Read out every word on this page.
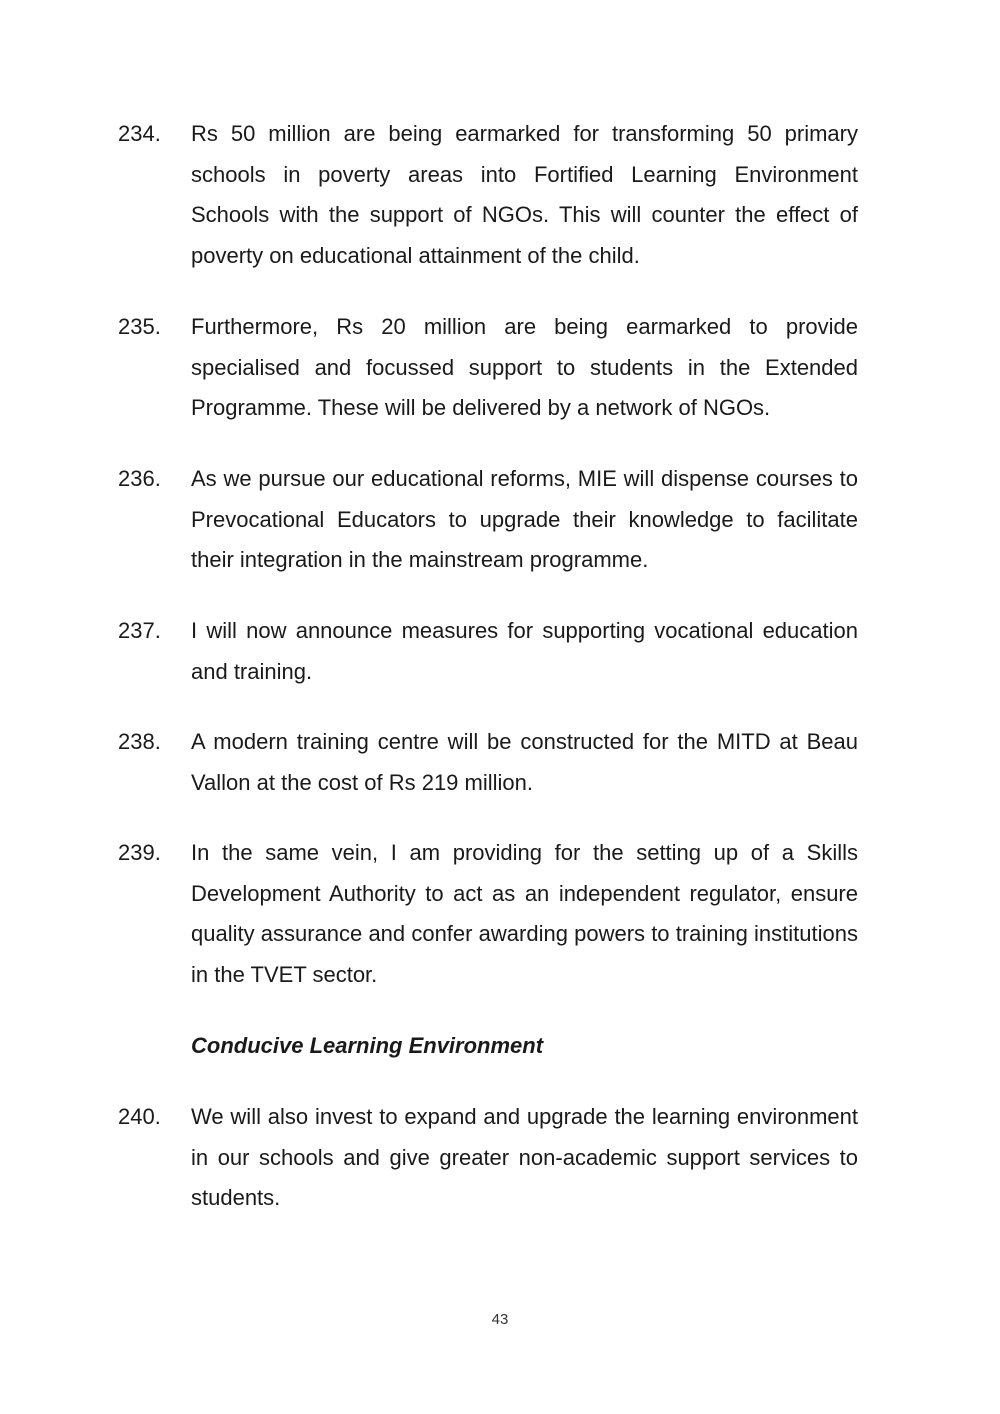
234. Rs 50 million are being earmarked for transforming 50 primary schools in poverty areas into Fortified Learning Environment Schools with the support of NGOs. This will counter the effect of poverty on educational attainment of the child.
235. Furthermore, Rs 20 million are being earmarked to provide specialised and focussed support to students in the Extended Programme. These will be delivered by a network of NGOs.
236. As we pursue our educational reforms, MIE will dispense courses to Prevocational Educators to upgrade their knowledge to facilitate their integration in the mainstream programme.
237. I will now announce measures for supporting vocational education and training.
238. A modern training centre will be constructed for the MITD at Beau Vallon at the cost of Rs 219 million.
239. In the same vein, I am providing for the setting up of a Skills Development Authority to act as an independent regulator, ensure quality assurance and confer awarding powers to training institutions in the TVET sector.
Conducive Learning Environment
240. We will also invest to expand and upgrade the learning environment in our schools and give greater non-academic support services to students.
43
